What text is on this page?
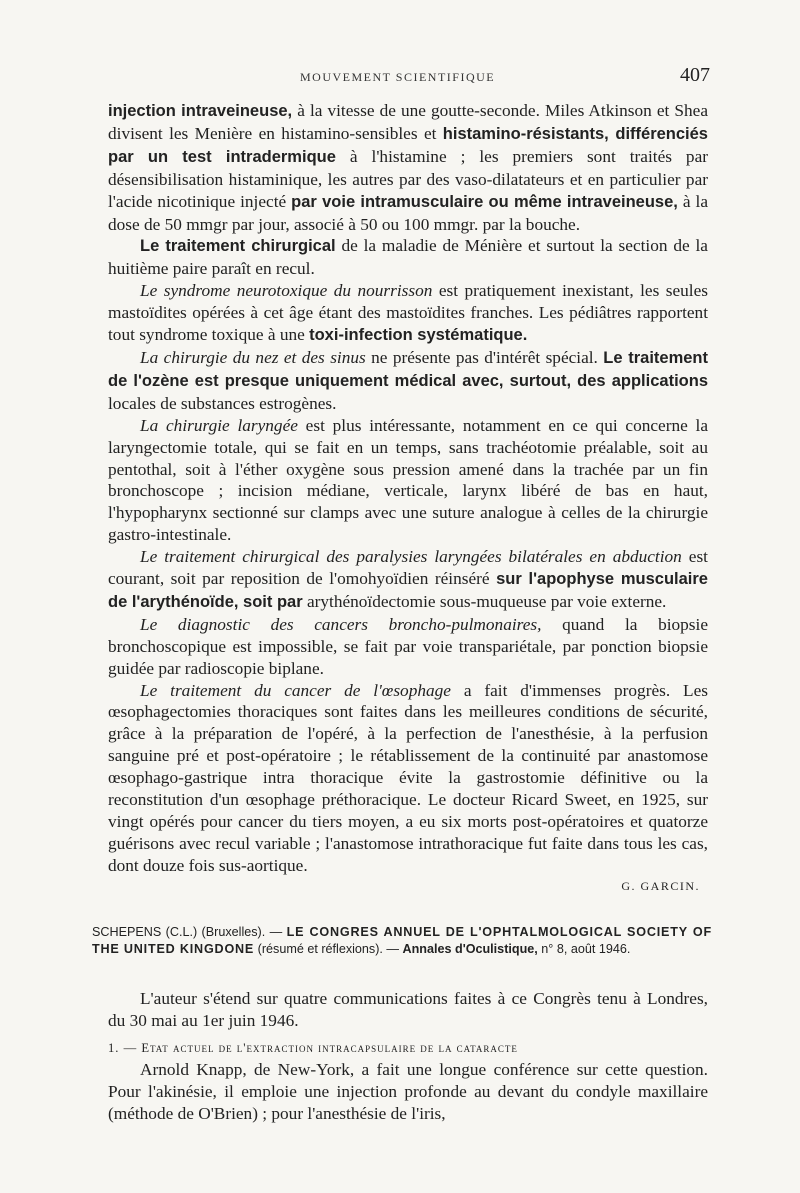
MOUVEMENT SCIENTIFIQUE	407

injection intraveineuse, à la vitesse de une goutte-seconde. Miles Atkinson et Shea divisent les Menière en histamino-sensibles et histamino-résistants, différenciés par un test intradermique à l'histamine ; les premiers sont traités par désensibilisation histaminique, les autres par des vaso-dilatateurs et en particulier par l'acide nicotinique injecté par voie intramusculaire ou même intraveineuse, à la dose de 50 mmgr par jour, associé à 50 ou 100 mmgr. par la bouche.

Le traitement chirurgical de la maladie de Ménière et surtout la section de la huitième paire paraît en recul.

Le syndrome neurotoxique du nourrisson est pratiquement inexistant, les seules mastoïdites opérées à cet âge étant des mastoïdites franches. Les pédiâtres rapportent tout syndrome toxique à une toxi-infection systématique.

La chirurgie du nez et des sinus ne présente pas d'intérêt spécial. Le traitement de l'ozène est presque uniquement médical avec, surtout, des applications locales de substances estrogènes.

La chirurgie laryngée est plus intéressante, notamment en ce qui concerne la laryngectomie totale, qui se fait en un temps, sans trachéotomie préalable, soit au pentothal, soit à l'éther oxygène sous pression amené dans la trachée par un fin bronchoscope ; incision médiane, verticale, larynx libéré de bas en haut, l'hypopharynx sectionné sur clamps avec une suture analogue à celles de la chirurgie gastro-intestinale.

Le traitement chirurgical des paralysies laryngées bilatérales en abduction est courant, soit par reposition de l'omohyoïdien réinséré sur l'apophyse musculaire de l'arythénoïde, soit par arythénoïdectomie sous-muqueuse par voie externe.

Le diagnostic des cancers broncho-pulmonaires, quand la biopsie bronchoscopique est impossible, se fait par voie transpariétale, par ponction biopsie guidée par radioscopie biplane.

Le traitement du cancer de l'œsophage a fait d'immenses progrès. Les œsophagectomies thoraciques sont faites dans les meilleures conditions de sécurité, grâce à la préparation de l'opéré, à la perfection de l'anesthésie, à la perfusion sanguine pré et post-opératoire ; le rétablissement de la continuité par anastomose œsophago-gastrique intra thoracique évite la gastrostomie définitive ou la reconstitution d'un œsophage préthoracique. Le docteur Ricard Sweet, en 1925, sur vingt opérés pour cancer du tiers moyen, a eu six morts post-opératoires et quatorze guérisons avec recul variable ; l'anastomose intrathoracique fut faite dans tous les cas, dont douze fois sus-aortique.

G. GARCIN.
SCHEPENS (C.L.) (Bruxelles). — LE CONGRES ANNUEL DE L'OPHTALMOLOGICAL SOCIETY OF THE UNITED KINGDONE (résumé et réflexions). — Annales d'Oculistique, n° 8, août 1946.

L'auteur s'étend sur quatre communications faites à ce Congrès tenu à Londres, du 30 mai au 1er juin 1946.

1. — Etat actuel de l'extraction intracapsulaire de la cataracte

Arnold Knapp, de New-York, a fait une longue conférence sur cette question. Pour l'akinésie, il emploie une injection profonde au devant du condyle maxillaire (méthode de O'Brien) ; pour l'anesthésie de l'iris,
